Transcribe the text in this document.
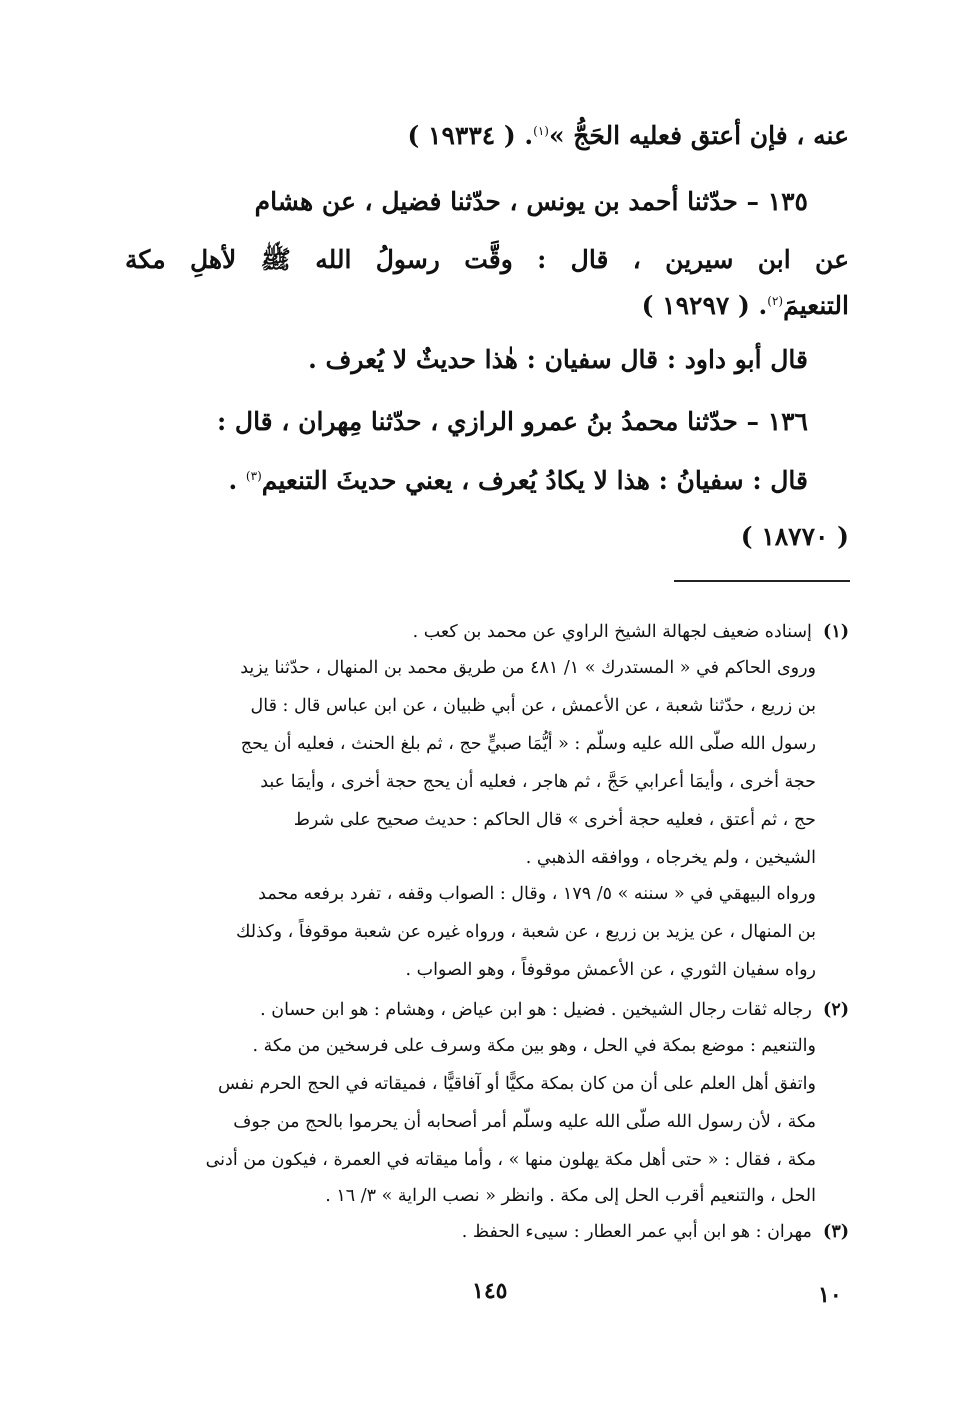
عنه ، فإن أعتق فعليه الحَجُّ »$^{(١)}$. ( ١٩٣٣٤ )
١٣٥ – حدّثنا أحمد بن يونس ، حدّثنا فضيل ، عن هشام
عن ابن سيرين ، قال : وقَّت رسولُ الله ﷺ لأهلِ مكة
التنعيمَ$^{(٢)}$. ( ١٩٢٩٧ )
قال أبو داود : قال سفيان : هٰذا حديثٌ لا يُعرف .
١٣٦ – حدّثنا محمدُ بنُ عمرو الرازي ، حدّثنا مِهران ، قال :
قال : سفيانُ : هذا لا يكادُ يُعرف ، يعني حديثَ التنعيم$^{(٣)}$ .
( ١٨٧٧٠ )
(١)  إسناده ضعيف لجهالة الشيخ الراوي عن محمد بن كعب .
وروى الحاكم في « المستدرك » ١/ ٤٨١ من طريق محمد بن المنهال ، حدّثنا يزيد
بن زريع ، حدّثنا شعبة ، عن الأعمش ، عن أبي ظبيان ، عن ابن عباس قال : قال
رسول الله صلّى الله عليه وسلّم : « أيُّمَا صبيٍّ حج ، ثم بلغ الحنث ، فعليه أن يحج
حجة أخرى ، وأيمَا أعرابي حَجَّ ، ثم هاجر ، فعليه أن يحج حجة أخرى ، وأيمَا عبد
حج ، ثم أعتق ، فعليه حجة أخرى » قال الحاكم : حديث صحيح على شرط
الشيخين ، ولم يخرجاه ، ووافقه الذهبي .
ورواه البيهقي في « سننه » ٥/ ١٧٩ ، وقال : الصواب وقفه ، تفرد برفعه محمد
بن المنهال ، عن يزيد بن زريع ، عن شعبة ، ورواه غيره عن شعبة موقوفاً ، وكذلك
رواه سفيان الثوري ، عن الأعمش موقوفاً ، وهو الصواب .
(٢)  رجاله ثقات رجال الشيخين . فضيل : هو ابن عياض ، وهشام : هو ابن حسان .
والتنعيم : موضع بمكة في الحل ، وهو بين مكة وسرف على فرسخين من مكة .
واتفق أهل العلم على أن من كان بمكة مكيًّا أو آفاقيًّا ، فميقاته في الحج الحرم نفس
مكة ، لأن رسول الله صلّى الله عليه وسلّم أمر أصحابه أن يحرموا بالحج من جوف
مكة ، فقال : « حتى أهل مكة يهلون منها » ، وأما ميقاته في العمرة ، فيكون من أدنى
الحل ، والتنعيم أقرب الحل إلى مكة . وانظر « نصب الراية » ٣/ ١٦ .
(٣)  مهران : هو ابن أبي عمر العطار : سيىء الحفظ .
١٤٥	١٠
